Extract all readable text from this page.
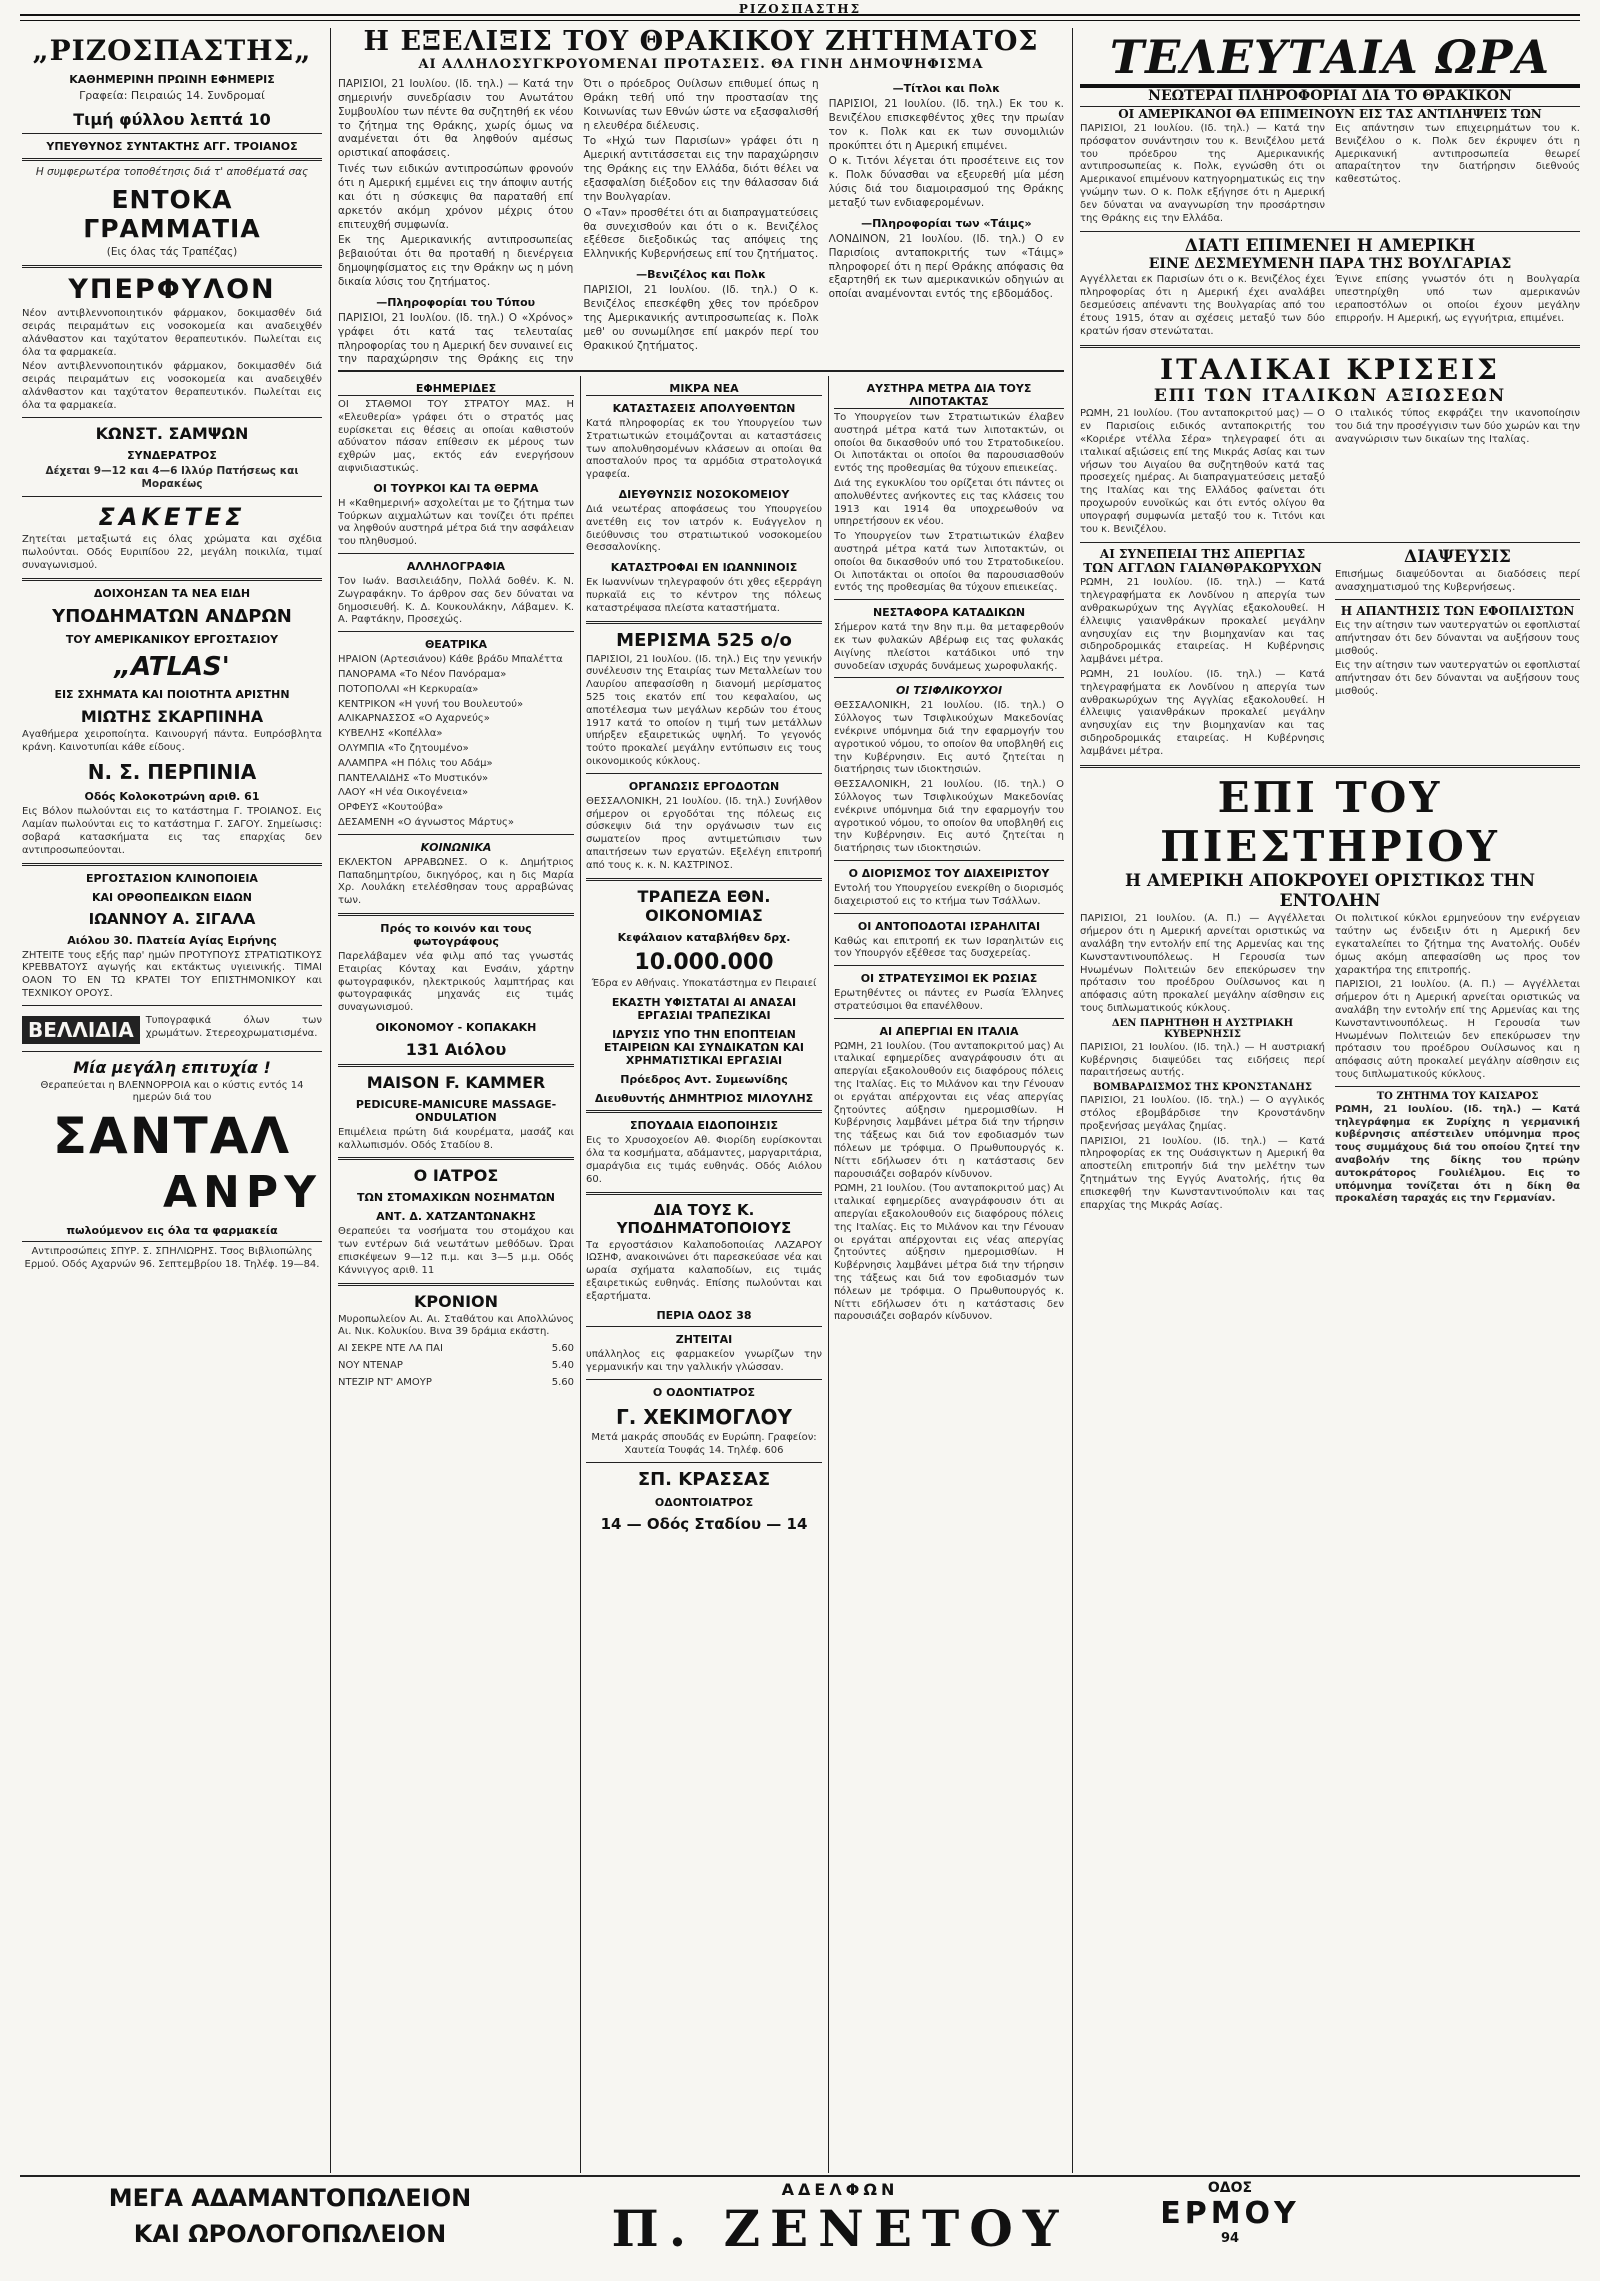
ΡΙΖΟΣΠΑΣΤΗΣ
„ΡΙΖΟΣΠΑΣΤΗΣ„
ΚΑΘΗΜΕΡΙΝΗ ΠΡΩΙΝΗ ΕΦΗΜΕΡΙΣ
Γραφεία: Πειραιώς 14. Συνδρομαί
Τιμή φύλλου λεπτά 10
ΥΠΕΥΘΥΝΟΣ ΣΥΝΤΑΚΤΗΣ ΑΓΓ. ΤΡΟΙΑΝΟΣ
Η συμφερωτέρα τοποθέτησις διά τ' αποθέματά σας
ΕΝΤΟΚΑ ΓΡΑΜΜΑΤΙΑ
(Εις όλας τάς Τραπέζας)
ΥΠΕΡΦΥΛΟΝ
Νέον αντιβλεννοποιητικόν φάρμακον, δοκιμασθέν διά σειράς πειραμάτων εις νοσοκομεία και αναδειχθέν αλάνθαστον και ταχύτατον θεραπευτικόν. Πωλείται εις όλα τα φαρμακεία.
Νέον αντιβλεννοποιητικόν φάρμακον, δοκιμασθέν διά σειράς πειραμάτων εις νοσοκομεία και αναδειχθέν αλάνθαστον και ταχύτατον θεραπευτικόν. Πωλείται εις όλα τα φαρμακεία.
ΚΩΝΣΤ. ΣΑΜΨΩΝ
ΣΥΝΔΕΡΑΤΡΟΣ
Δέχεται 9—12 και 4—6 Ιλλύρ Πατήσεως και Μορακέως
ΣΑΚΕΤΕΣ
Ζητείται μεταξιωτά εις όλας χρώματα και σχέδια πωλούνται. Οδός Ευριπίδου 22, μεγάλη ποικιλία, τιμαί συναγωνισμού.
ΔΟΙΧΟΗΣΑΝ ΤΑ ΝΕΑ ΕΙΔΗ
ΥΠΟΔΗΜΑΤΩΝ ΑΝΔΡΩΝ
ΤΟΥ ΑΜΕΡΙΚΑΝΙΚΟΥ ΕΡΓΟΣΤΑΣΙΟΥ
„ATLAS'
ΕΙΣ ΣΧΗΜΑΤΑ ΚΑΙ ΠΟΙΟΤΗΤΑ ΑΡΙΣΤΗΝ
ΜΙΩΤΗΣ ΣΚΑΡΠΙΝΗΑ
Αγαθήμερα χειροποίητα. Καινουργή πάντα. Ευπρόσβλητα κράνη. Καινοτυπίαι κάθε είδους.
Ν. Σ. ΠΕΡΠΙΝΙΑ
Οδός Κολοκοτρώνη αριθ. 61
Εις Βόλον πωλούνται εις το κατάστημα Γ. ΤΡΟΙΑΝΟΣ. Εις Λαμίαν πωλούνται εις το κατάστημα Γ. ΣΑΓΟΥ. Σημείωσις: σοβαρά κατασκήματα εις τας επαρχίας δεν αντιπροσωπεύονται.
ΕΡΓΟΣΤΑΣΙΟΝ ΚΛΙΝΟΠΟΙΕΙΑ
ΚΑΙ ΟΡΘΟΠΕΔΙΚΩΝ ΕΙΔΩΝ
ΙΩΑΝΝΟΥ Α. ΣΙΓΑΛΑ
Αιόλου 30. Πλατεία Αγίας Ειρήνης
ΖΗΤΕΙΤΕ τους εξής παρ' ημών ΠΡΟΤΥΠΟΥΣ ΣΤΡΑΤΙΩΤΙΚΟΥΣ ΚΡΕΒΒΑΤΟΥΣ αγωγής και εκτάκτως υγιεινικής. ΤΙΜΑΙ ΟΑΟΝ ΤΟ ΕΝ ΤΩ ΚΡΑΤΕΙ ΤΟΥ ΕΠΙΣΤΗΜΟΝΙΚΟΥ και ΤΕΧΝΙΚΟΥ ΟΡΟΥΣ.
ΒΕΛΛΙΔΙΑ	Τυπογραφικά όλων των χρωμάτων. Στερεοχρωματισμένα.
Μία μεγάλη επιτυχία !
Θεραπεύεται η ΒΛΕΝΝΟΡΡΟΙΑ και ο κύστις εντός 14 ημερών διά του
ΣΑΝΤΑΛ
ΑΝΡΥ
πωλούμενον εις όλα τα φαρμακεία
Αντιπροσώπεις ΣΠΥΡ. Σ. ΣΠΗΛΙΩΡΗΣ. Τσος Βιβλιοπώλης Ερμού. Οδός Αχαρνών 96. Σεπτεμβρίου 18. Τηλέφ. 19—84.
Η ΕΞΕΛΙΞΙΣ ΤΟΥ ΘΡΑΚΙΚΟΥ ΖΗΤΗΜΑΤΟΣ
ΑΙ ΑΛΛΗΛΟΣΥΓΚΡΟΥΟΜΕΝΑΙ ΠΡΟΤΑΣΕΙΣ. ΘΑ ΓΙΝΗ ΔΗΜΟΨΗΦΙΣΜΑ
ΠΑΡΙΣΙΟΙ, 21 Ιουλίου. (Ιδ. τηλ.) — Κατά την σημερινήν συνεδρίασιν του Ανωτάτου Συμβουλίου των πέντε θα συζητηθή εκ νέου το ζήτημα της Θράκης, χωρίς όμως να αναμένεται ότι θα ληφθούν αμέσως οριστικαί αποφάσεις.
Τινές των ειδικών αντιπροσώπων φρονούν ότι η Αμερική εμμένει εις την άποψιν αυτής και ότι η σύσκεψις θα παραταθή επί αρκετόν ακόμη χρόνον μέχρις ότου επιτευχθή συμφωνία.
Εκ της Αμερικανικής αντιπροσωπείας βεβαιούται ότι θα προταθή η διενέργεια δημοψηφίσματος εις την Θράκην ως η μόνη δικαία λύσις του ζητήματος.
—Πληροφορίαι του Τύπου
ΠΑΡΙΣΙΟΙ, 21 Ιουλίου. (Ιδ. τηλ.) Ο «Χρόνος» γράφει ότι κατά τας τελευταίας πληροφορίας του η Αμερική δεν συναινεί εις την παραχώρησιν της Θράκης εις την
Ότι ο πρόεδρος Ουίλσων επιθυμεί όπως η Θράκη τεθή υπό την προστασίαν της Κοινωνίας των Εθνών ώστε να εξασφαλισθή η ελευθέρα διέλευσις.
Το «Ηχώ των Παρισίων» γράφει ότι η Αμερική αντιτάσσεται εις την παραχώρησιν της Θράκης εις την Ελλάδα, διότι θέλει να εξασφαλίση διέξοδον εις την θάλασσαν διά την Βουλγαρίαν.
Ο «Ταν» προσθέτει ότι αι διαπραγματεύσεις θα συνεχισθούν και ότι ο κ. Βενιζέλος εξέθεσε διεξοδικώς τας απόψεις της Ελληνικής Κυβερνήσεως επί του ζητήματος.
—Βενιζέλος και Πολκ
ΠΑΡΙΣΙΟΙ, 21 Ιουλίου. (Ιδ. τηλ.) Ο κ. Βενιζέλος επεσκέφθη χθες τον πρόεδρον της Αμερικανικής αντιπροσωπείας κ. Πολκ μεθ' ου συνωμίλησε επί μακρόν περί του Θρακικού ζητήματος.
—Τίτλοι και Πολκ
ΠΑΡΙΣΙΟΙ, 21 Ιουλίου. (Ιδ. τηλ.) Εκ του κ. Βενιζέλου επισκεφθέντος χθες την πρωίαν τον κ. Πολκ και εκ των συνομιλιών προκύπτει ότι η Αμερική επιμένει.
Ο κ. Τιτόνι λέγεται ότι προσέτεινε εις τον κ. Πολκ δύνασθαι να εξευρεθή μία μέση λύσις διά του διαμοιρασμού της Θράκης μεταξύ των ενδιαφερομένων.
—Πληροφορίαι των «Τάιμς»
ΛΟΝΔΙΝΟΝ, 21 Ιουλίου. (Ιδ. τηλ.) Ο εν Παρισίοις ανταποκριτής των «Τάιμς» πληροφορεί ότι η περί Θράκης απόφασις θα εξαρτηθή εκ των αμερικανικών οδηγιών αι οποίαι αναμένονται εντός της εβδομάδος.
ΕΦΗΜΕΡΙΔΕΣ
ΟΙ ΣΤΑΘΜΟΙ ΤΟΥ ΣΤΡΑΤΟΥ ΜΑΣ. Η «Ελευθερία» γράφει ότι ο στρατός μας ευρίσκεται εις θέσεις αι οποίαι καθιστούν αδύνατον πάσαν επίθεσιν εκ μέρους των εχθρών μας, εκτός εάν ενεργήσουν αιφνιδιαστικώς.
ΟΙ ΤΟΥΡΚΟΙ ΚΑΙ ΤΑ ΘΕΡΜΑ
Η «Καθημερινή» ασχολείται με το ζήτημα των Τούρκων αιχμαλώτων και τονίζει ότι πρέπει να ληφθούν αυστηρά μέτρα διά την ασφάλειαν του πληθυσμού.
ΑΛΛΗΛΟΓΡΑΦΙΑ
Τον Ιωάν. Βασιλειάδην, Πολλά δοθέν. Κ. Ν. Ζωγραφάκην. Το άρθρον σας δεν δύναται να δημοσιευθή. Κ. Δ. Κουκουλάκην, Λάβαμεν. Κ. Α. Ραφτάκην, Προσεχώς.
ΘΕΑΤΡΙΚΑ
ΗΡΑΙΟΝ (Αρτεσιάνου) Κάθε βράδυ Μπαλέττα
ΠΑΝΟΡΑΜΑ «Το Νέον Πανόραμα»
ΠΟΤΟΠΟΛΑΙ «Η Κερκυραία»
ΚΕΝΤΡΙΚΟΝ «Η γυνή του Βουλευτού»
ΑΛΙΚΑΡΝΑΣΣΟΣ «Ο Αχαρνεύς»
ΚΥΒΕΛΗΣ «Κοπέλλα»
ΟΛΥΜΠΙΑ «Το ζητουμένο»
ΑΛΑΜΠΡΑ «Η Πόλις του Αδάμ»
ΠΑΝΤΕΛΑΙΔΗΣ «Το Μυστικόν»
ΛΑΟΥ «Η νέα Οικογένεια»
ΟΡΦΕΥΣ «Κουτούβα»
ΔΕΣΑΜΕΝΗ «Ο άγνωστος Μάρτυς»
ΚΟΙΝΩΝΙΚΑ
ΕΚΛΕΚΤΟΝ ΑΡΡΑΒΩΝΕΣ. Ο κ. Δημήτριος Παπαδημητρίου, δικηγόρος, και η δις Μαρία Χρ. Λουλάκη ετελέσθησαν τους αρραβώνας των.
Πρός το κοινόν και τους φωτογράφους
Παρελάβαμεν νέα φιλμ από τας γνωστάς Εταιρίας Κόνταχ και Ενσάιν, χάρτην φωτογραφικόν, ηλεκτρικούς λαμπτήρας και φωτογραφικάς μηχανάς εις τιμάς συναγωνισμού.
ΟΙΚΟΝΟΜΟΥ - ΚΟΠΑΚΑΚΗ
131 Αιόλου
MAISON F. KAMMER
PEDICURE-MANICURE MASSAGE-ONDULATION
Επιμέλεια πρώτη διά κουρέματα, μασάζ και καλλωπισμόν. Οδός Σταδίου 8.
Ο ΙΑΤΡΟΣ
ΤΩΝ ΣΤΟΜΑΧΙΚΩΝ ΝΟΣΗΜΑΤΩΝ
ΑΝΤ. Δ. ΧΑΤΖΑΝΤΩΝΑΚΗΣ
Θεραπεύει τα νοσήματα του στομάχου και των εντέρων διά νεωτάτων μεθόδων. Ώραι επισκέψεων 9—12 π.μ. και 3—5 μ.μ. Οδός Κάννιγγος αριθ. 11
ΚΡΟΝΙΟΝ
Μυροπωλείον Αι. Αι. Σταθάτου και Απολλώνος Αι. Νικ. Κολυκίου. Βινα 39 δράμια εκάστη.
ΑΙ ΣΕΚΡΕ ΝΤΕ ΛΑ ΠΑΙ	5.60
ΝΟΥ ΝΤΕΝΑΡ	5.40
ΝΤΕΖΙΡ ΝΤ' ΑΜΟΥΡ	5.60
ΜΙΚΡΑ ΝΕΑ
ΚΑΤΑΣΤΑΣΕΙΣ ΑΠΟΛΥΘΕΝΤΩΝ
Κατά πληροφορίας εκ του Υπουργείου των Στρατιωτικών ετοιμάζονται αι καταστάσεις των απολυθησομένων κλάσεων αι οποίαι θα αποσταλούν προς τα αρμόδια στρατολογικά γραφεία.
ΔΙΕΥΘΥΝΣΙΣ ΝΟΣΟΚΟΜΕΙΟΥ
Διά νεωτέρας αποφάσεως του Υπουργείου ανετέθη εις τον ιατρόν κ. Ευάγγελον η διεύθυνσις του στρατιωτικού νοσοκομείου Θεσσαλονίκης.
ΚΑΤΑΣΤΡΟΦΑΙ ΕΝ ΙΩΑΝΝΙΝΟΙΣ
Εκ Ιωαννίνων τηλεγραφούν ότι χθες εξερράγη πυρκαϊά εις το κέντρον της πόλεως καταστρέψασα πλείστα καταστήματα.
ΜΕΡΙΣΜΑ 525 ο/ο
ΠΑΡΙΣΙΟΙ, 21 Ιουλίου. (Ιδ. τηλ.) Εις την γενικήν συνέλευσιν της Εταιρίας των Μεταλλείων του Λαυρίου απεφασίσθη η διανομή μερίσματος 525 τοις εκατόν επί του κεφαλαίου, ως αποτέλεσμα των μεγάλων κερδών του έτους 1917 κατά το οποίον η τιμή των μετάλλων υπήρξεν εξαιρετικώς υψηλή. Το γεγονός τούτο προκαλεί μεγάλην εντύπωσιν εις τους οικονομικούς κύκλους.
ΟΡΓΑΝΩΣΙΣ ΕΡΓΟΔΟΤΩΝ
ΘΕΣΣΑΛΟΝΙΚΗ, 21 Ιουλίου. (Ιδ. τηλ.) Συνήλθον σήμερον οι εργοδόται της πόλεως εις σύσκεψιν διά την οργάνωσιν των εις σωματείον προς αντιμετώπισιν των απαιτήσεων των εργατών. Εξελέγη επιτροπή από τους κ. κ. Ν. ΚΑΣΤΡΙΝΟΣ.
ΤΡΑΠΕΖΑ ΕΘΝ. ΟΙΚΟΝΟΜΙΑΣ
Κεφάλαιον καταβλήθεν δρχ.
10.000.000
Έδρα εν Αθήναις. Υποκατάστημα εν Πειραιεί
ΕΚΑΣΤΗ ΥΦΙΣΤΑΤΑΙ ΑΙ ΑΝΑΣΑΙ ΕΡΓΑΣΙΑΙ ΤΡΑΠΕΖΙΚΑΙ
ΙΔΡΥΣΙΣ ΥΠΟ ΤΗΝ ΕΠΟΠΤΕΙΑΝ ΕΤΑΙΡΕΙΩΝ ΚΑΙ ΣΥΝΔΙΚΑΤΩΝ ΚΑΙ ΧΡΗΜΑΤΙΣΤΙΚΑΙ ΕΡΓΑΣΙΑΙ
Πρόεδρος Αντ. Συμεωνίδης
Διευθυντής ΔΗΜΗΤΡΙΟΣ ΜΙΛΟΥΛΗΣ
ΣΠΟΥΔΑΙΑ ΕΙΔΟΠΟΙΗΣΙΣ
Εις το Χρυσοχοείον Αθ. Φιορίδη ευρίσκονται όλα τα κοσμήματα, αδάμαντες, μαργαριτάρια, σμαράγδια εις τιμάς ευθηνάς. Οδός Αιόλου 60.
ΔΙΑ ΤΟΥΣ Κ. ΥΠΟΔΗΜΑΤΟΠΟΙΟΥΣ
Τα εργοστάσιον Καλαποδοποιίας ΛΑΖΑΡΟΥ ΙΩΣΗΦ, ανακοινώνει ότι παρεσκεύασε νέα και ωραία σχήματα καλαποδίων, εις τιμάς εξαιρετικώς ευθηνάς. Επίσης πωλούνται και εξαρτήματα.
ΠΕΡΙΑ ΟΔΟΣ 38
ΖΗΤΕΙΤΑΙ
υπάλληλος εις φαρμακείον γνωρίζων την γερμανικήν και την γαλλικήν γλώσσαν.
Ο ΟΔΟΝΤΙΑΤΡΟΣ
Γ. ΧΕΚΙΜΟΓΛΟΥ
Μετά μακράς σπουδάς εν Ευρώπη. Γραφείον: Χαυτεία Τουφάς 14. Τηλέφ. 606
ΣΠ. ΚΡΑΣΣΑΣ
ΟΔΟΝΤΟΙΑΤΡΟΣ
14 — Οδός Σταδίου — 14
ΑΥΣΤΗΡΑ ΜΕΤΡΑ ΔΙΑ ΤΟΥΣ ΛΙΠΟΤΑΚΤΑΣ
Το Υπουργείον των Στρατιωτικών έλαβεν αυστηρά μέτρα κατά των λιποτακτών, οι οποίοι θα δικασθούν υπό του Στρατοδικείου. Οι λιποτάκται οι οποίοι θα παρουσιασθούν εντός της προθεσμίας θα τύχουν επιεικείας.
Διά της εγκυκλίου του ορίζεται ότι πάντες οι απολυθέντες ανήκοντες εις τας κλάσεις του 1913 και 1914 θα υποχρεωθούν να υπηρετήσουν εκ νέου.
Το Υπουργείον των Στρατιωτικών έλαβεν αυστηρά μέτρα κατά των λιποτακτών, οι οποίοι θα δικασθούν υπό του Στρατοδικείου. Οι λιποτάκται οι οποίοι θα παρουσιασθούν εντός της προθεσμίας θα τύχουν επιεικείας.
ΝΕΣΤΑΦΟΡΑ ΚΑΤΑΔΙΚΩΝ
Σήμερον κατά την 8ην π.μ. θα μεταφερθούν εκ των φυλακών Αβέρωφ εις τας φυλακάς Αιγίνης πλείστοι κατάδικοι υπό την συνοδείαν ισχυράς δυνάμεως χωροφυλακής.
ΟΙ ΤΣΙΦΛΙΚΟΥΧΟΙ
ΘΕΣΣΑΛΟΝΙΚΗ, 21 Ιουλίου. (Ιδ. τηλ.) Ο Σύλλογος των Τσιφλικούχων Μακεδονίας ενέκρινε υπόμνημα διά την εφαρμογήν του αγροτικού νόμου, το οποίον θα υποβληθή εις την Κυβέρνησιν. Εις αυτό ζητείται η διατήρησις των ιδιοκτησιών.
ΘΕΣΣΑΛΟΝΙΚΗ, 21 Ιουλίου. (Ιδ. τηλ.) Ο Σύλλογος των Τσιφλικούχων Μακεδονίας ενέκρινε υπόμνημα διά την εφαρμογήν του αγροτικού νόμου, το οποίον θα υποβληθή εις την Κυβέρνησιν. Εις αυτό ζητείται η διατήρησις των ιδιοκτησιών.
Ο ΔΙΟΡΙΣΜΟΣ ΤΟΥ ΔΙΑΧΕΙΡΙΣΤΟΥ
Εντολή του Υπουργείου ενεκρίθη ο διορισμός διαχειριστού εις το κτήμα των Τσάλλων.
ΟΙ ΑΝΤΟΠΟΔΟΤΑΙ ΙΣΡΑΗΛΙΤΑΙ
Καθώς και επιτροπή εκ των Ισραηλιτών εις τον Υπουργόν εξέθεσε τας δυσχερείας.
ΟΙ ΣΤΡΑΤΕΥΣΙΜΟΙ ΕΚ ΡΩΣΙΑΣ
Ερωτηθέντες οι πάντες εν Ρωσία Έλληνες στρατεύσιμοι θα επανέλθουν.
ΑΙ ΑΠΕΡΓΙΑΙ ΕΝ ΙΤΑΛΙΑ
ΡΩΜΗ, 21 Ιουλίου. (Του ανταποκριτού μας) Αι ιταλικαί εφημερίδες αναγράφουσιν ότι αι απεργίαι εξακολουθούν εις διαφόρους πόλεις της Ιταλίας. Εις το Μιλάνον και την Γένουαν οι εργάται απέρχονται εις νέας απεργίας ζητούντες αύξησιν ημερομισθίων. Η Κυβέρνησις λαμβάνει μέτρα διά την τήρησιν της τάξεως και διά τον εφοδιασμόν των πόλεων με τρόφιμα. Ο Πρωθυπουργός κ. Νίττι εδήλωσεν ότι η κατάστασις δεν παρουσιάζει σοβαρόν κίνδυνον.
ΡΩΜΗ, 21 Ιουλίου. (Του ανταποκριτού μας) Αι ιταλικαί εφημερίδες αναγράφουσιν ότι αι απεργίαι εξακολουθούν εις διαφόρους πόλεις της Ιταλίας. Εις το Μιλάνον και την Γένουαν οι εργάται απέρχονται εις νέας απεργίας ζητούντες αύξησιν ημερομισθίων. Η Κυβέρνησις λαμβάνει μέτρα διά την τήρησιν της τάξεως και διά τον εφοδιασμόν των πόλεων με τρόφιμα. Ο Πρωθυπουργός κ. Νίττι εδήλωσεν ότι η κατάστασις δεν παρουσιάζει σοβαρόν κίνδυνον.
ΤΕΛΕΥΤΑΙΑ ΩΡΑ
ΝΕΩΤΕΡΑΙ ΠΛΗΡΟΦΟΡΙΑΙ ΔΙΑ ΤΟ ΘΡΑΚΙΚΟΝ
ΟΙ ΑΜΕΡΙΚΑΝΟΙ ΘΑ ΕΠΙΜΕΙΝΟΥΝ ΕΙΣ ΤΑΣ ΑΝΤΙΛΗΨΕΙΣ ΤΩΝ
ΠΑΡΙΣΙΟΙ, 21 Ιουλίου. (Ιδ. τηλ.) — Κατά την πρόσφατον συνάντησιν του κ. Βενιζέλου μετά του πρόεδρου της Αμερικανικής αντιπροσωπείας κ. Πολκ, εγνώσθη ότι οι Αμερικανοί επιμένουν κατηγορηματικώς εις την γνώμην των. Ο κ. Πολκ εξήγησε ότι η Αμερική δεν δύναται να αναγνωρίση την προσάρτησιν της Θράκης εις την Ελλάδα.
Εις απάντησιν των επιχειρημάτων του κ. Βενιζέλου ο κ. Πολκ δεν έκρυψεν ότι η Αμερικανική αντιπροσωπεία θεωρεί απαραίτητον την διατήρησιν διεθνούς καθεστώτος.
ΔΙΑΤΙ ΕΠΙΜΕΝΕΙ Η ΑΜΕΡΙΚΗ
ΕΙΝΕ ΔΕΣΜΕΥΜΕΝΗ ΠΑΡΑ ΤΗΣ ΒΟΥΛΓΑΡΙΑΣ
Αγγέλλεται εκ Παρισίων ότι ο κ. Βενιζέλος έχει πληροφορίας ότι η Αμερική έχει αναλάβει δεσμεύσεις απέναντι της Βουλγαρίας από του έτους 1915, όταν αι σχέσεις μεταξύ των δύο κρατών ήσαν στενώταται.
Έγινε επίσης γνωστόν ότι η Βουλγαρία υπεστηρίχθη υπό των αμερικανών ιεραποστόλων οι οποίοι έχουν μεγάλην επιρροήν. Η Αμερική, ως εγγυήτρια, επιμένει.
ΙΤΑΛΙΚΑΙ ΚΡΙΣΕΙΣ
ΕΠΙ ΤΩΝ ΙΤΑΛΙΚΩΝ ΑΞΙΩΣΕΩΝ
ΡΩΜΗ, 21 Ιουλίου. (Του ανταποκριτού μας) — Ο εν Παρισίοις ειδικός ανταποκριτής του «Κοριέρε ντέλλα Σέρα» τηλεγραφεί ότι αι ιταλικαί αξιώσεις επί της Μικράς Ασίας και των νήσων του Αιγαίου θα συζητηθούν κατά τας προσεχείς ημέρας. Αι διαπραγματεύσεις μεταξύ της Ιταλίας και της Ελλάδος φαίνεται ότι προχωρούν ευνοϊκώς και ότι εντός ολίγου θα υπογραφή συμφωνία μεταξύ του κ. Τιτόνι και του κ. Βενιζέλου.
Ο ιταλικός τύπος εκφράζει την ικανοποίησιν του διά την προσέγγισιν των δύο χωρών και την αναγνώρισιν των δικαίων της Ιταλίας.
ΑΙ ΣΥΝΕΠΕΙΑΙ ΤΗΣ ΑΠΕΡΓΙΑΣ
ΤΩΝ ΑΓΓΛΩΝ ΓΑΙΑΝΘΡΑΚΩΡΥΧΩΝ
ΡΩΜΗ, 21 Ιουλίου. (Ιδ. τηλ.) — Κατά τηλεγραφήματα εκ Λονδίνου η απεργία των ανθρακωρύχων της Αγγλίας εξακολουθεί. Η έλλειψις γαιανθράκων προκαλεί μεγάλην ανησυχίαν εις την βιομηχανίαν και τας σιδηροδρομικάς εταιρείας. Η Κυβέρνησις λαμβάνει μέτρα.
ΡΩΜΗ, 21 Ιουλίου. (Ιδ. τηλ.) — Κατά τηλεγραφήματα εκ Λονδίνου η απεργία των ανθρακωρύχων της Αγγλίας εξακολουθεί. Η έλλειψις γαιανθράκων προκαλεί μεγάλην ανησυχίαν εις την βιομηχανίαν και τας σιδηροδρομικάς εταιρείας. Η Κυβέρνησις λαμβάνει μέτρα.
ΔΙΑΨΕΥΣΙΣ
Επισήμως διαψεύδονται αι διαδόσεις περί ανασχηματισμού της Κυβερνήσεως.
Η ΑΠΑΝΤΗΣΙΣ ΤΩΝ ΕΦΟΠΛΙΣΤΩΝ
Εις την αίτησιν των ναυτεργατών οι εφοπλισταί απήντησαν ότι δεν δύνανται να αυξήσουν τους μισθούς.
Εις την αίτησιν των ναυτεργατών οι εφοπλισταί απήντησαν ότι δεν δύνανται να αυξήσουν τους μισθούς.
ΕΠΙ ΤΟΥ ΠΙΕΣΤΗΡΙΟΥ
Η ΑΜΕΡΙΚΗ ΑΠΟΚΡΟΥΕΙ ΟΡΙΣΤΙΚΩΣ ΤΗΝ ΕΝΤΟΛΗΝ
ΠΑΡΙΣΙΟΙ, 21 Ιουλίου. (Α. Π.) — Αγγέλλεται σήμερον ότι η Αμερική αρνείται οριστικώς να αναλάβη την εντολήν επί της Αρμενίας και της Κωνσταντινουπόλεως. Η Γερουσία των Ηνωμένων Πολιτειών δεν επεκύρωσεν την πρότασιν του προέδρου Ουίλσωνος και η απόφασις αύτη προκαλεί μεγάλην αίσθησιν εις τους διπλωματικούς κύκλους.
ΔΕΝ ΠΑΡΗΤΗΘΗ Η ΑΥΣΤΡΙΑΚΗ ΚΥΒΕΡΝΗΣΙΣ
ΠΑΡΙΣΙΟΙ, 21 Ιουλίου. (Ιδ. τηλ.) — Η αυστριακή Κυβέρνησις διαψεύδει τας ειδήσεις περί παραιτήσεως αυτής.
ΒΟΜΒΑΡΔΙΣΜΟΣ ΤΗΣ ΚΡΟΝΣΤΑΝΔΗΣ
ΠΑΡΙΣΙΟΙ, 21 Ιουλίου. (Ιδ. τηλ.) — Ο αγγλικός στόλος εβομβάρδισε την Κρονστάνδην προξενήσας μεγάλας ζημίας.
ΠΑΡΙΣΙΟΙ, 21 Ιουλίου. (Ιδ. τηλ.) — Κατά πληροφορίας εκ της Ουάσιγκτων η Αμερική θα αποστείλη επιτροπήν διά την μελέτην των ζητημάτων της Εγγύς Ανατολής, ήτις θα επισκεφθή την Κωνσταντινούπολιν και τας επαρχίας της Μικράς Ασίας.
Οι πολιτικοί κύκλοι ερμηνεύουν την ενέργειαν ταύτην ως ένδειξιν ότι η Αμερική δεν εγκαταλείπει το ζήτημα της Ανατολής. Ουδέν όμως ακόμη απεφασίσθη ως προς τον χαρακτήρα της επιτροπής.
ΠΑΡΙΣΙΟΙ, 21 Ιουλίου. (Α. Π.) — Αγγέλλεται σήμερον ότι η Αμερική αρνείται οριστικώς να αναλάβη την εντολήν επί της Αρμενίας και της Κωνσταντινουπόλεως. Η Γερουσία των Ηνωμένων Πολιτειών δεν επεκύρωσεν την πρότασιν του προέδρου Ουίλσωνος και η απόφασις αύτη προκαλεί μεγάλην αίσθησιν εις τους διπλωματικούς κύκλους.
ΤΟ ΖΗΤΗΜΑ ΤΟΥ ΚΑΙΣΑΡΟΣ
ΡΩΜΗ, 21 Ιουλίου. (Ιδ. τηλ.) — Κατά τηλεγράφημα εκ Ζυρίχης η γερμανική κυβέρνησις απέστειλεν υπόμνημα προς τους συμμάχους διά του οποίου ζητεί την αναβολήν της δίκης του πρώην αυτοκράτορος Γουλιέλμου. Εις το υπόμνημα τονίζεται ότι η δίκη θα προκαλέση ταραχάς εις την Γερμανίαν.
ΜΕΓΑ ΑΔΑΜΑΝΤΟΠΩΛΕΙΟΝ
ΚΑΙ ΩΡΟΛΟΓΟΠΩΛΕΙΟΝ
ΑΔΕΛΦΩΝ
Π. ΖΕΝΕΤΟΥ
ΟΔΟΣ
ΕΡΜΟΥ
94
